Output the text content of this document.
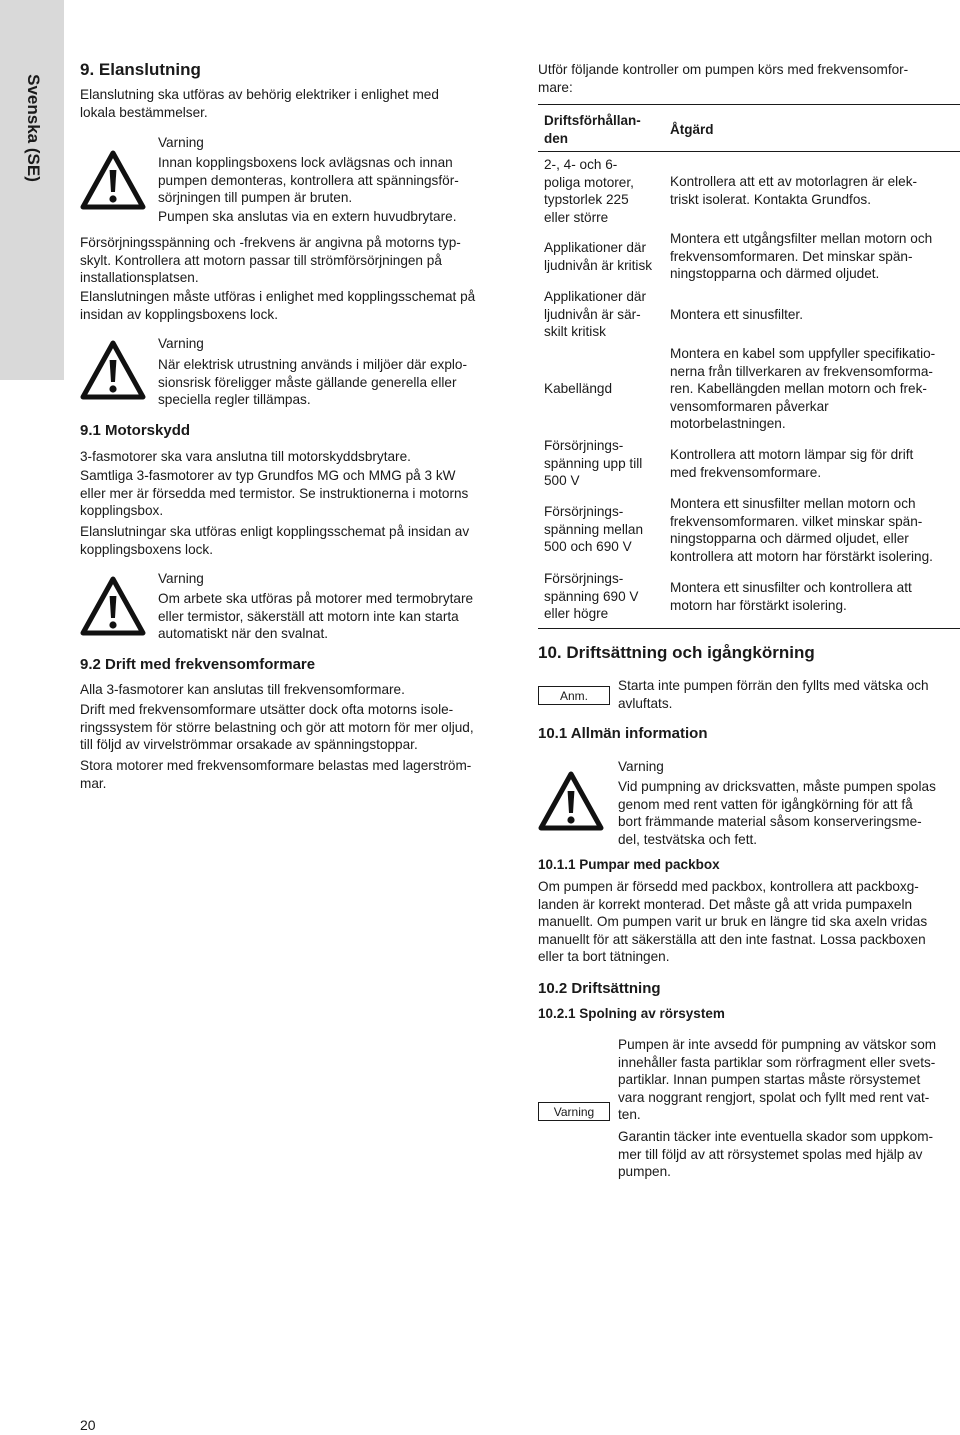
Svenska (SE)
9. Elanslutning
Elanslutning ska utföras av behörig elektriker i enlighet med
lokala bestämmelser.
Varning
Innan kopplingsboxens lock avlägsnas och innan
pumpen demonteras, kontrollera att spänningsför-
sörjningen till pumpen är bruten.
Pumpen ska anslutas via en extern huvudbrytare.
Försörjningsspänning och -frekvens är angivna på motorns typ-
skylt. Kontrollera att motorn passar till strömförsörjningen på
installationsplatsen.
Elanslutningen måste utföras i enlighet med kopplingsschemat på
insidan av kopplingsboxens lock.
Varning
När elektrisk utrustning används i miljöer där explo-
sionsrisk föreligger måste gällande generella eller
speciella regler tillämpas.
9.1 Motorskydd
3-fasmotorer ska vara anslutna till motorskyddsbrytare.
Samtliga 3-fasmotorer av typ Grundfos MG och MMG på 3 kW
eller mer är försedda med termistor. Se instruktionerna i motorns
kopplingsbox.
Elanslutningar ska utföras enligt kopplingsschemat på insidan av
kopplingsboxens lock.
Varning
Om arbete ska utföras på motorer med termobrytare
eller termistor, säkerställ att motorn inte kan starta
automatiskt när den svalnat.
9.2 Drift med frekvensomformare
Alla 3-fasmotorer kan anslutas till frekvensomformare.
Drift med frekvensomformare utsätter dock ofta motorns isole-
ringssystem för större belastning och gör att motorn för mer oljud,
till följd av virvelströmmar orsakade av spänningstoppar.
Stora motorer med frekvensomformare belastas med lagerström-
mar.
Utför följande kontroller om pumpen körs med frekvensomfor-
mare:
Driftsförhållan-
den
Åtgärd
2-, 4- och 6-
poliga motorer,
typstorlek 225
eller större
Kontrollera att ett av motorlagren är elek-
triskt isolerat. Kontakta Grundfos.
Applikationer där
ljudnivån är kritisk
Montera ett utgångsfilter mellan motorn och
frekvensomformaren. Det minskar spän-
ningstopparna och därmed oljudet.
Applikationer där
ljudnivån är sär-
skilt kritisk
Montera ett sinusfilter.
Kabellängd
Montera en kabel som uppfyller specifikatio-
nerna från tillverkaren av frekvensomforma-
ren. Kabellängden mellan motorn och frek-
vensomformaren påverkar
motorbelastningen.
Försörjnings-
spänning upp till
500 V
Kontrollera att motorn lämpar sig för drift
med frekvensomformare.
Försörjnings-
spänning mellan
500 och 690 V
Montera ett sinusfilter mellan motorn och
frekvensomformaren. vilket minskar spän-
ningstopparna och därmed oljudet, eller
kontrollera att motorn har förstärkt isolering.
Försörjnings-
spänning 690 V
eller högre
Montera ett sinusfilter och kontrollera att
motorn har förstärkt isolering.
10. Driftsättning och igångkörning
Anm.
Starta inte pumpen förrän den fyllts med vätska och
avluftats.
10.1 Allmän information
Varning
Vid pumpning av dricksvatten, måste pumpen spolas
genom med rent vatten för igångkörning för att få
bort främmande material såsom konserveringsme-
del, testvätska och fett.
10.1.1 Pumpar med packbox
Om pumpen är försedd med packbox, kontrollera att packboxg-
landen är korrekt monterad. Det måste gå att vrida pumpaxeln
manuellt. Om pumpen varit ur bruk en längre tid ska axeln vridas
manuellt för att säkerställa att den inte fastnat. Lossa packboxen
eller ta bort tätningen.
10.2 Driftsättning
10.2.1 Spolning av rörsystem
Varning
Pumpen är inte avsedd för pumpning av vätskor som
innehåller fasta partiklar som rörfragment eller svets-
partiklar. Innan pumpen startas måste rörsystemet
vara noggrant rengjort, spolat och fyllt med rent vat-
ten.
Garantin täcker inte eventuella skador som uppkom-
mer till följd av att rörsystemet spolas med hjälp av
pumpen.
20
